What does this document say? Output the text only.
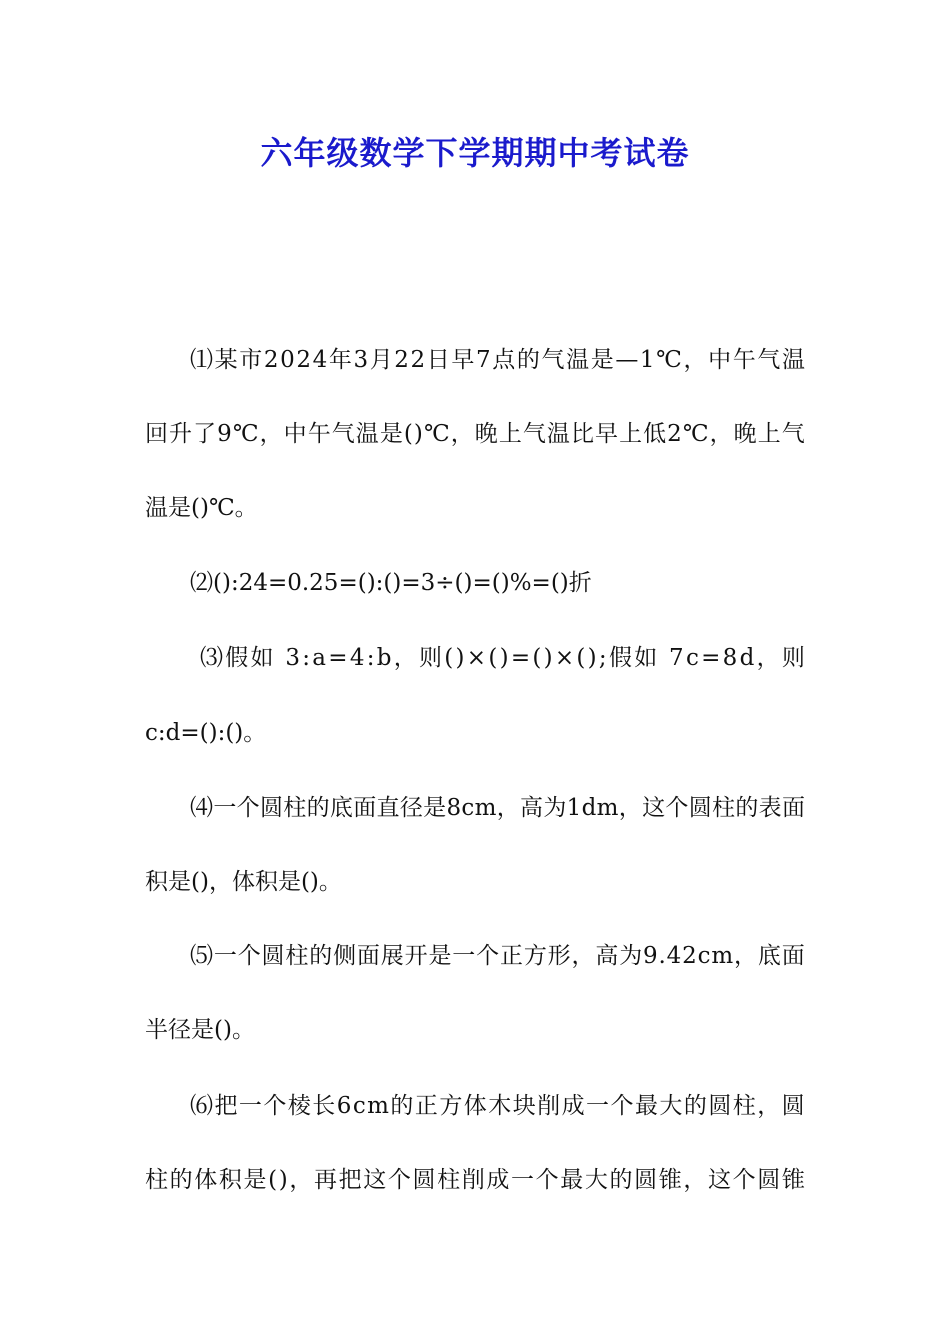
六年级数学下学期期中考试卷
⑴ 某 市 2 0 2 4 年 3 月 2 2 日 早 7 点 的 气 温 是 — 1 ℃ ， 中 午 气 温
回 升 了 9 ℃ ， 中 午 气 温 是 ( ) ℃ ， 晚 上 气 温 比 早 上 低 2 ℃ ， 晚 上 气
温是()℃。
⑵():24=0.25=():()=3÷()=()%=()折
⑶ 假 如
3 : a = 4 : b ， 则 ( ) × ( ) = ( ) × ( ) ; 假 如
7 c = 8 d ， 则
c:d=():()。
⑷ 一 个 圆 柱 的 底 面 直 径 是 8 c m ， 高 为 1 d m ， 这 个 圆 柱 的 表 面
积是()，体积是()。
⑸ 一 个 圆 柱 的 侧 面 展 开 是 一 个 正 方 形 ， 高 为 9 . 4 2 c m ， 底 面
半径是()。
⑹ 把 一 个 棱 长 6 c m 的 正 方 体 木 块 削 成 一 个 最 大 的 圆 柱 ， 圆
柱 的 体 积 是 ( ) ， 再 把 这 个 圆 柱 削 成 一 个 最 大 的 圆 锥 ， 这 个 圆 锥
